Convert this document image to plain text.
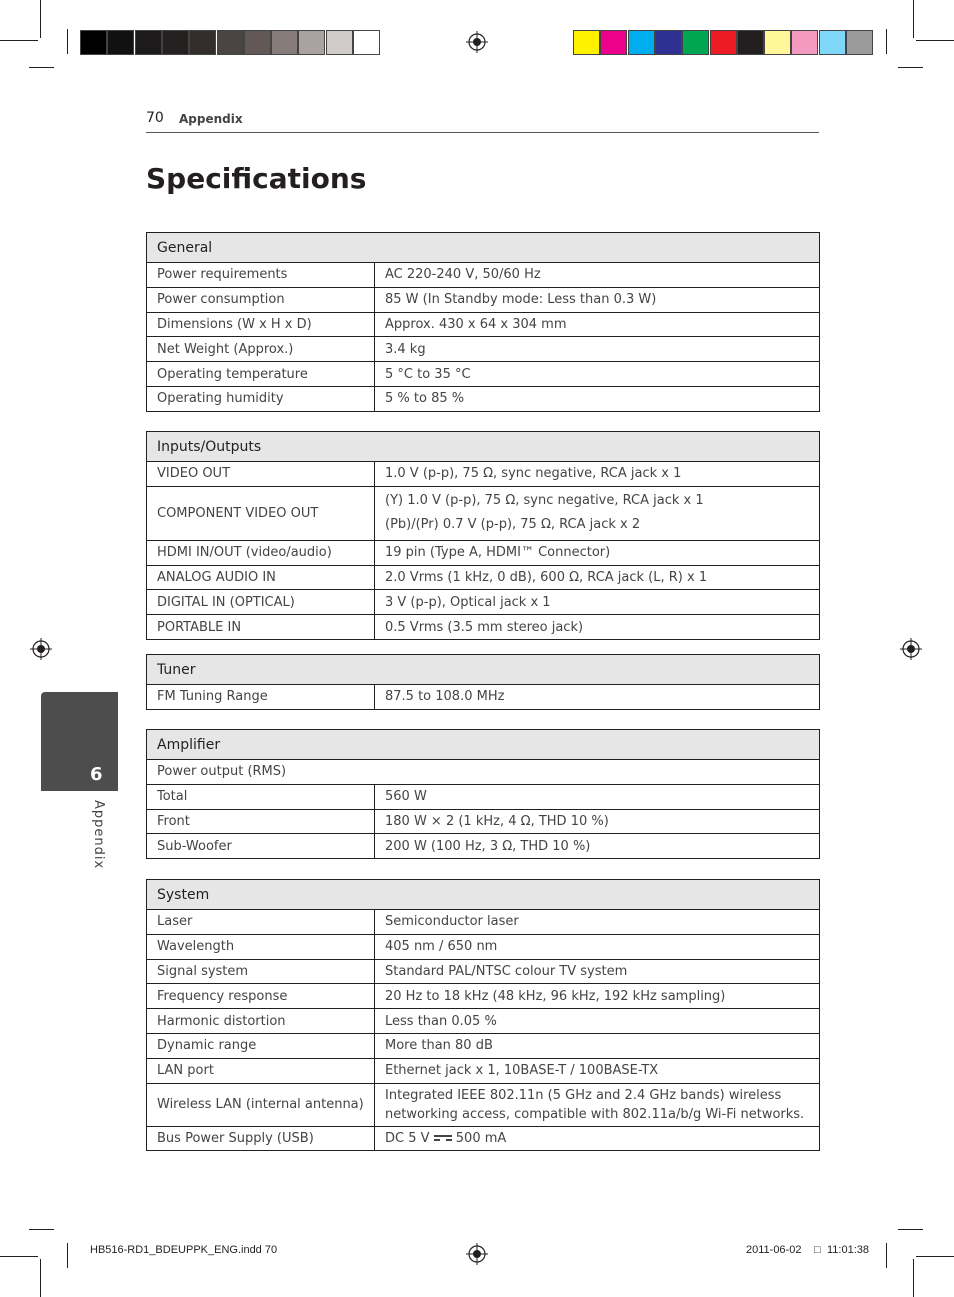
70 Appendix
Specifications
6
Appendix
General	
Power requirements	AC 220-240 V, 50/60 Hz
Power consumption	85 W (In Standby mode: Less than 0.3 W)
Dimensions (W x H x D)	Approx. 430 x 64 x 304 mm
Net Weight (Approx.)	3.4 kg
Operating temperature	5 °C to 35 °C
Operating humidity	5 % to 85 %
Inputs/Outputs	
VIDEO OUT	1.0 V (p-p), 75 Ω, sync negative, RCA jack x 1
COMPONENT VIDEO OUT	(Y) 1.0 V (p-p), 75 Ω, sync negative, RCA jack x 1
(Pb)/(Pr) 0.7 V (p-p), 75 Ω, RCA jack x 2

HDMI IN/OUT (video/audio)	19 pin (Type A, HDMI™ Connector)
ANALOG AUDIO IN	2.0 Vrms (1 kHz, 0 dB), 600 Ω, RCA jack (L, R) x 1
DIGITAL IN (OPTICAL)	3 V (p-p), Optical jack x 1
PORTABLE IN	0.5 Vrms (3.5 mm stereo jack)
Tuner
FM Tuning Range	87.5 to 108.0 MHz
Amplifier	
Power output (RMS)	
Total	560 W
Front	180 W × 2 (1 kHz, 4 Ω, THD 10 %)
Sub-Woofer	200 W (100 Hz, 3 Ω, THD 10 %)
System	
Laser	Semiconductor laser
Wavelength	405 nm / 650 nm
Signal system	Standard PAL/NTSC colour TV system
Frequency response	20 Hz to 18 kHz (48 kHz, 96 kHz, 192 kHz sampling)
Harmonic distortion	Less than 0.05 %
Dynamic range	More than 80 dB
LAN port	Ethernet jack x 1, 10BASE-T / 100BASE-TX
Wireless LAN (internal antenna)	Integrated IEEE 802.11n (5 GHz and 2.4 GHz bands) wireless
networking access, compatible with 802.11a/b/g Wi-Fi networks.

Bus Power Supply (USB)	DC 5 V  500 mA
HB516-RD1_BDEUPPK_ENG.indd 70	2011-06-02 □ 11:01:38
